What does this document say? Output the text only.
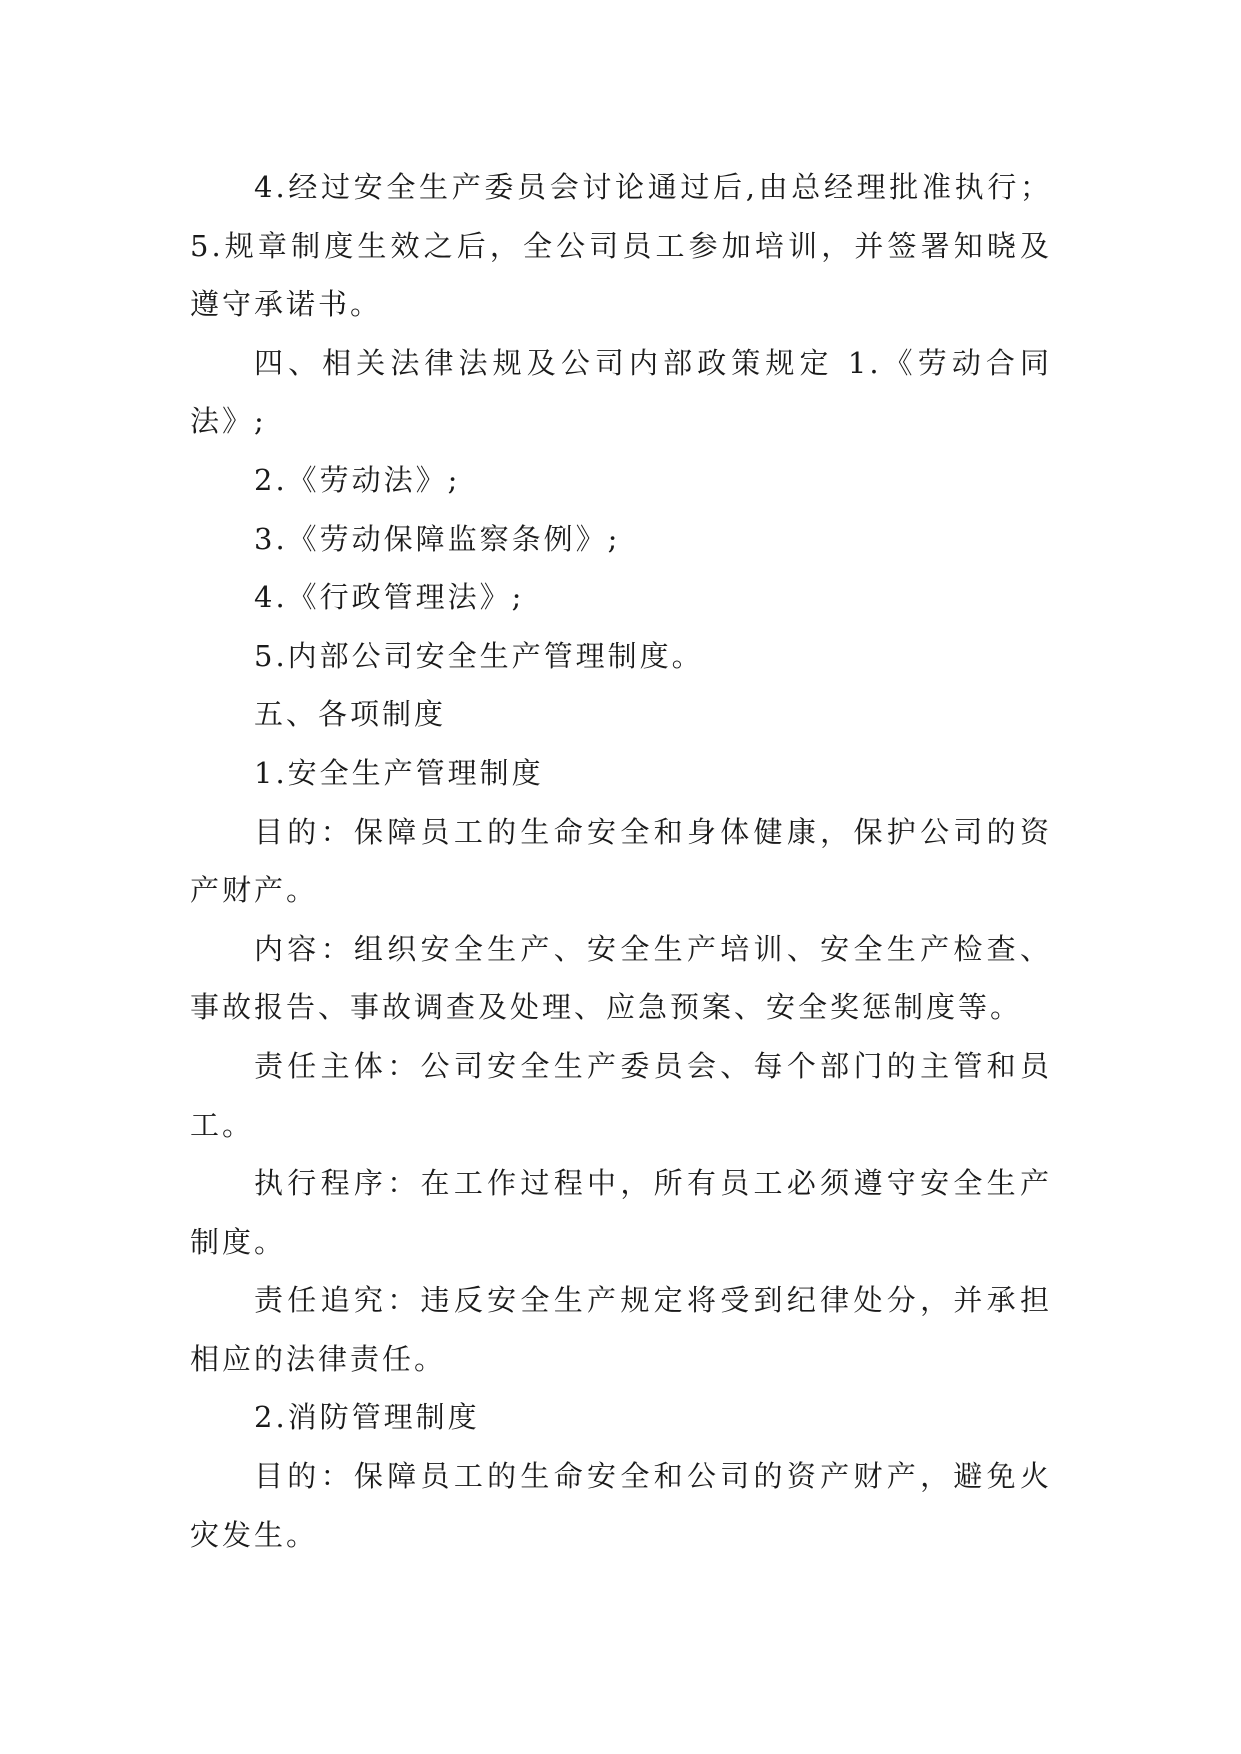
4.经过安全生产委员会讨论通过后,由总经理批准执行；5.规章制度生效之后，全公司员工参加培训，并签署知晓及遵守承诺书。

四、相关法律法规及公司内部政策规定 1.《劳动合同法》;

2.《劳动法》;

3.《劳动保障监察条例》;

4.《行政管理法》;

5.内部公司安全生产管理制度。

五、各项制度

1.安全生产管理制度

目的：保障员工的生命安全和身体健康，保护公司的资产财产。

内容：组织安全生产、安全生产培训、安全生产检查、事故报告、事故调查及处理、应急预案、安全奖惩制度等。

责任主体：公司安全生产委员会、每个部门的主管和员工。

执行程序：在工作过程中，所有员工必须遵守安全生产制度。

责任追究：违反安全生产规定将受到纪律处分，并承担相应的法律责任。

2.消防管理制度

目的：保障员工的生命安全和公司的资产财产，避免火灾发生。
